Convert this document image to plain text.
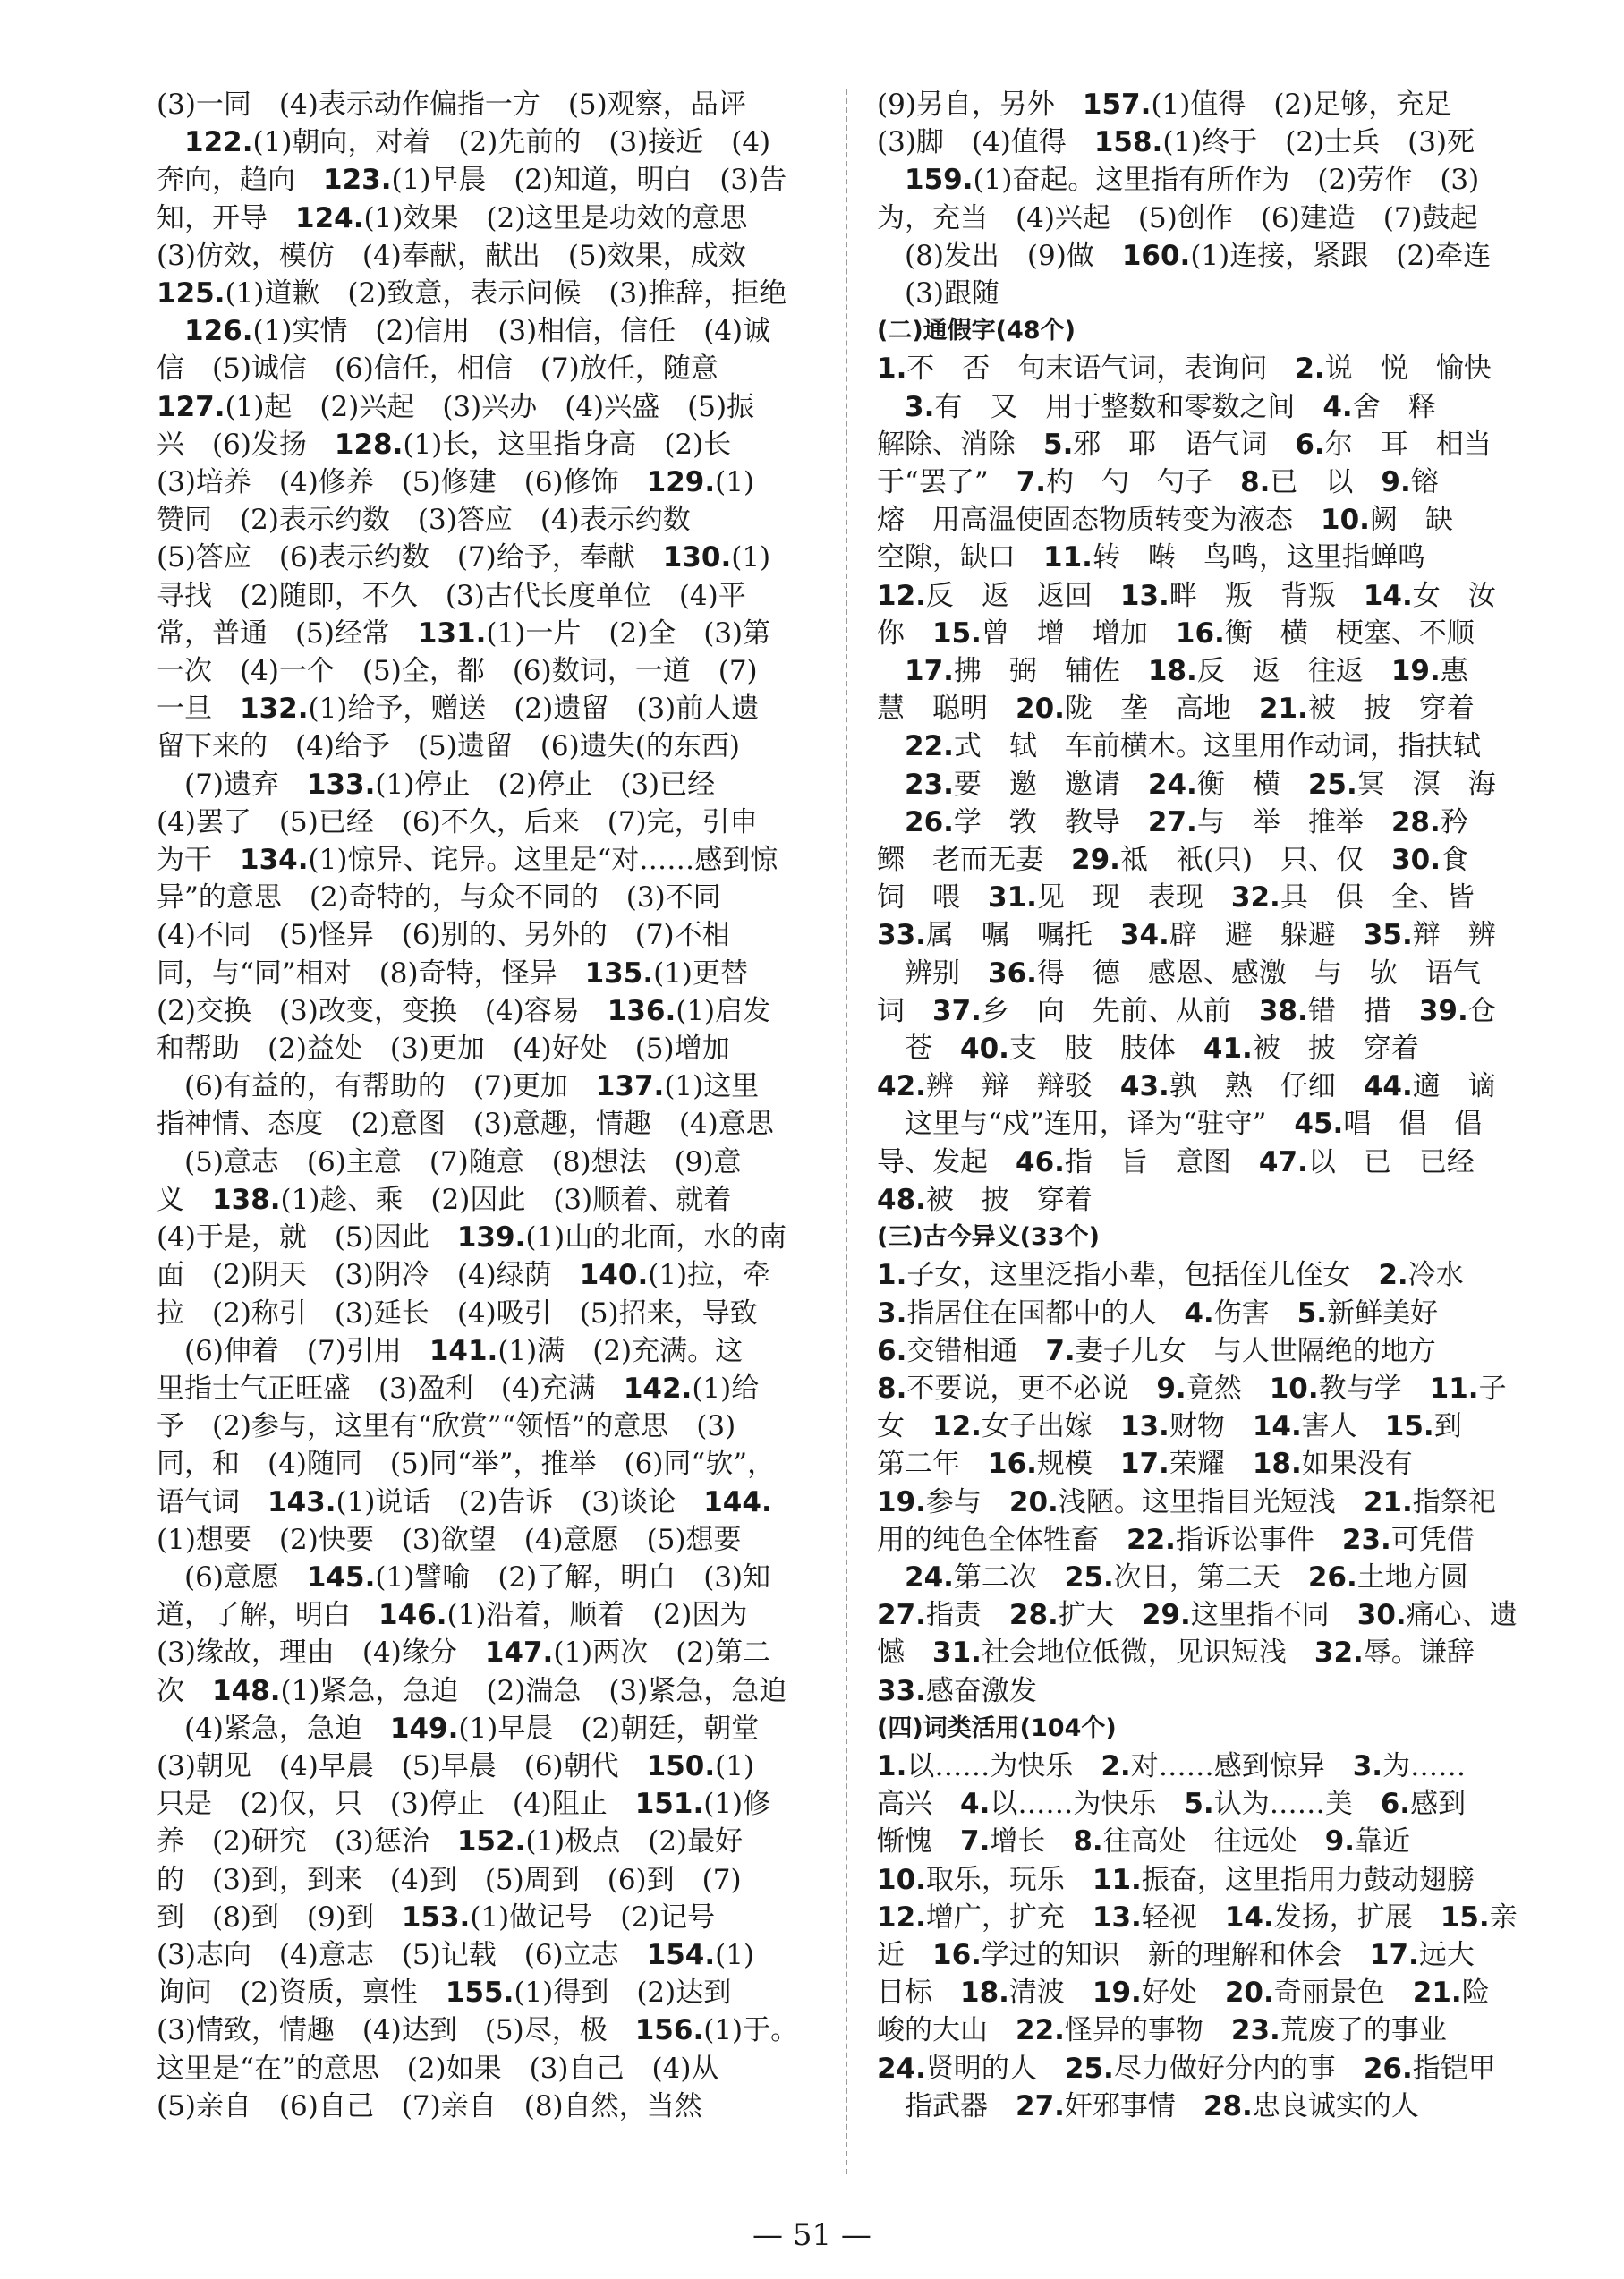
(3)一同　(4)表示动作偏指一方　(5)观察，品评
　122.(1)朝向，对着　(2)先前的　(3)接近　(4)
奔向，趋向　123.(1)早晨　(2)知道，明白　(3)告
知，开导　124.(1)效果　(2)这里是功效的意思
(3)仿效，模仿　(4)奉献，献出　(5)效果，成效
125.(1)道歉　(2)致意，表示问候　(3)推辞，拒绝
　126.(1)实情　(2)信用　(3)相信，信任　(4)诚
信　(5)诚信　(6)信任，相信　(7)放任，随意
127.(1)起　(2)兴起　(3)兴办　(4)兴盛　(5)振
兴　(6)发扬　128.(1)长，这里指身高　(2)长
(3)培养　(4)修养　(5)修建　(6)修饰　129.(1)
赞同　(2)表示约数　(3)答应　(4)表示约数
(5)答应　(6)表示约数　(7)给予，奉献　130.(1)
寻找　(2)随即，不久　(3)古代长度单位　(4)平
常，普通　(5)经常　131.(1)一片　(2)全　(3)第
一次　(4)一个　(5)全，都　(6)数词，一道　(7)
一旦　132.(1)给予，赠送　(2)遗留　(3)前人遗
留下来的　(4)给予　(5)遗留　(6)遗失(的东西)
　(7)遗弃　133.(1)停止　(2)停止　(3)已经
(4)罢了　(5)已经　(6)不久，后来　(7)完，引申
为干　134.(1)惊异、诧异。这里是“对……感到惊
异”的意思　(2)奇特的，与众不同的　(3)不同
(4)不同　(5)怪异　(6)别的、另外的　(7)不相
同，与“同”相对　(8)奇特，怪异　135.(1)更替
(2)交换　(3)改变，变换　(4)容易　136.(1)启发
和帮助　(2)益处　(3)更加　(4)好处　(5)增加
　(6)有益的，有帮助的　(7)更加　137.(1)这里
指神情、态度　(2)意图　(3)意趣，情趣　(4)意思
　(5)意志　(6)主意　(7)随意　(8)想法　(9)意
义　138.(1)趁、乘　(2)因此　(3)顺着、就着
(4)于是，就　(5)因此　139.(1)山的北面，水的南
面　(2)阴天　(3)阴冷　(4)绿荫　140.(1)拉，牵
拉　(2)称引　(3)延长　(4)吸引　(5)招来，导致
　(6)伸着　(7)引用　141.(1)满　(2)充满。这
里指士气正旺盛　(3)盈利　(4)充满　142.(1)给
予　(2)参与，这里有“欣赏”“领悟”的意思　(3)
同，和　(4)随同　(5)同“举”，推举　(6)同“欤”，
语气词　143.(1)说话　(2)告诉　(3)谈论　144.
(1)想要　(2)快要　(3)欲望　(4)意愿　(5)想要
　(6)意愿　145.(1)譬喻　(2)了解，明白　(3)知
道，了解，明白　146.(1)沿着，顺着　(2)因为
(3)缘故，理由　(4)缘分　147.(1)两次　(2)第二
次　148.(1)紧急，急迫　(2)湍急　(3)紧急，急迫
　(4)紧急，急迫　149.(1)早晨　(2)朝廷，朝堂
(3)朝见　(4)早晨　(5)早晨　(6)朝代　150.(1)
只是　(2)仅，只　(3)停止　(4)阻止　151.(1)修
养　(2)研究　(3)惩治　152.(1)极点　(2)最好
的　(3)到，到来　(4)到　(5)周到　(6)到　(7)
到　(8)到　(9)到　153.(1)做记号　(2)记号
(3)志向　(4)意志　(5)记载　(6)立志　154.(1)
询问　(2)资质，禀性　155.(1)得到　(2)达到
(3)情致，情趣　(4)达到　(5)尽，极　156.(1)于。
这里是“在”的意思　(2)如果　(3)自己　(4)从
(5)亲自　(6)自己　(7)亲自　(8)自然，当然
(9)另自，另外　157.(1)值得　(2)足够，充足
(3)脚　(4)值得　158.(1)终于　(2)士兵　(3)死
　159.(1)奋起。这里指有所作为　(2)劳作　(3)
为，充当　(4)兴起　(5)创作　(6)建造　(7)鼓起
　(8)发出　(9)做　160.(1)连接，紧跟　(2)牵连
　(3)跟随
(二)通假字(48个)
1.不　否　句末语气词，表询问　2.说　悦　愉快
　3.有　又　用于整数和零数之间　4.舍　释
解除、消除　5.邪　耶　语气词　6.尔　耳　相当
于“罢了”　7.杓　勺　勺子　8.已　以　9.镕
熔　用高温使固态物质转变为液态　10.阙　缺
空隙，缺口　11.转　啭　鸟鸣，这里指蝉鸣
12.反　返　返回　13.畔　叛　背叛　14.女　汝
你　15.曾　增　增加　16.衡　横　梗塞、不顺
　17.拂　弼　辅佐　18.反　返　往返　19.惠
慧　聪明　20.陇　垄　高地　21.被　披　穿着
　22.式　轼　车前横木。这里用作动词，指扶轼
　23.要　邀　邀请　24.衡　横　25.冥　溟　海
　26.学　敩　教导　27.与　举　推举　28.矜
鳏　老而无妻　29.祗　衹(只)　只、仅　30.食
饲　喂　31.见　现　表现　32.具　俱　全、皆
33.属　嘱　嘱托　34.辟　避　躲避　35.辩　辨
　辨别　36.得　德　感恩、感激　与　欤　语气
词　37.乡　向　先前、从前　38.错　措　39.仓
　苍　40.支　肢　肢体　41.被　披　穿着
42.辨　辩　辩驳　43.孰　熟　仔细　44.適　谪
　这里与“戍”连用，译为“驻守”　45.唱　倡　倡
导、发起　46.指　旨　意图　47.以　已　已经
48.被　披　穿着
(三)古今异义(33个)
1.子女，这里泛指小辈，包括侄儿侄女　2.冷水
3.指居住在国都中的人　4.伤害　5.新鲜美好
6.交错相通　7.妻子儿女　与人世隔绝的地方
8.不要说，更不必说　9.竟然　10.教与学　11.子
女　12.女子出嫁　13.财物　14.害人　15.到
第二年　16.规模　17.荣耀　18.如果没有
19.参与　20.浅陋。这里指目光短浅　21.指祭祀
用的纯色全体牲畜　22.指诉讼事件　23.可凭借
　24.第二次　25.次日，第二天　26.土地方圆
27.指责　28.扩大　29.这里指不同　30.痛心、遗
憾　31.社会地位低微，见识短浅　32.辱。谦辞
33.感奋激发
(四)词类活用(104个)
1.以……为快乐　2.对……感到惊异　3.为……
高兴　4.以……为快乐　5.认为……美　6.感到
惭愧　7.增长　8.往高处　往远处　9.靠近
10.取乐，玩乐　11.振奋，这里指用力鼓动翅膀
12.增广，扩充　13.轻视　14.发扬，扩展　15.亲
近　16.学过的知识　新的理解和体会　17.远大
目标　18.清波　19.好处　20.奇丽景色　21.险
峻的大山　22.怪异的事物　23.荒废了的事业
24.贤明的人　25.尽力做好分内的事　26.指铠甲
　指武器　27.奸邪事情　28.忠良诚实的人
— 51 —
